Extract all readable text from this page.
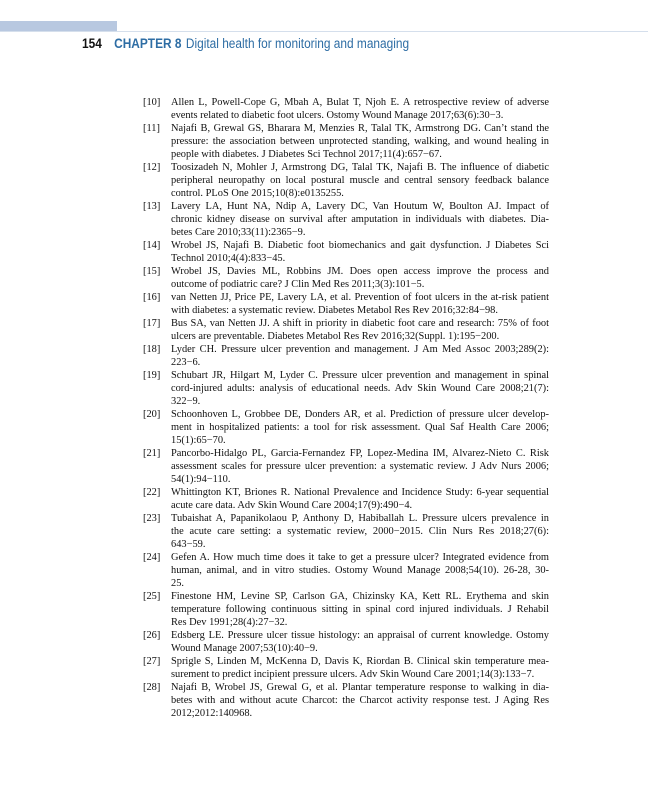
154 CHAPTER 8 Digital health for monitoring and managing
[10] Allen L, Powell-Cope G, Mbah A, Bulat T, Njoh E. A retrospective review of adverse
events related to diabetic foot ulcers. Ostomy Wound Manage 2017;63(6):30−3.
[11] Najafi B, Grewal GS, Bharara M, Menzies R, Talal TK, Armstrong DG. Can’t stand the
pressure: the association between unprotected standing, walking, and wound healing in
people with diabetes. J Diabetes Sci Technol 2017;11(4):657−67.
[12] Toosizadeh N, Mohler J, Armstrong DG, Talal TK, Najafi B. The influence of diabetic
peripheral neuropathy on local postural muscle and central sensory feedback balance
control. PLoS One 2015;10(8):e0135255.
[13] Lavery LA, Hunt NA, Ndip A, Lavery DC, Van Houtum W, Boulton AJ. Impact of
chronic kidney disease on survival after amputation in individuals with diabetes. Dia-
betes Care 2010;33(11):2365−9.
[14] Wrobel JS, Najafi B. Diabetic foot biomechanics and gait dysfunction. J Diabetes Sci
Technol 2010;4(4):833−45.
[15] Wrobel JS, Davies ML, Robbins JM. Does open access improve the process and
outcome of podiatric care? J Clin Med Res 2011;3(3):101−5.
[16] van Netten JJ, Price PE, Lavery LA, et al. Prevention of foot ulcers in the at-risk patient
with diabetes: a systematic review. Diabetes Metabol Res Rev 2016;32:84−98.
[17] Bus SA, van Netten JJ. A shift in priority in diabetic foot care and research: 75% of foot
ulcers are preventable. Diabetes Metabol Res Rev 2016;32(Suppl. 1):195−200.
[18] Lyder CH. Pressure ulcer prevention and management. J Am Med Assoc 2003;289(2):
223−6.
[19] Schubart JR, Hilgart M, Lyder C. Pressure ulcer prevention and management in spinal
cord-injured adults: analysis of educational needs. Adv Skin Wound Care 2008;21(7):
322−9.
[20] Schoonhoven L, Grobbee DE, Donders AR, et al. Prediction of pressure ulcer develop-
ment in hospitalized patients: a tool for risk assessment. Qual Saf Health Care 2006;
15(1):65−70.
[21] Pancorbo-Hidalgo PL, Garcia-Fernandez FP, Lopez-Medina IM, Alvarez-Nieto C. Risk
assessment scales for pressure ulcer prevention: a systematic review. J Adv Nurs 2006;
54(1):94−110.
[22] Whittington KT, Briones R. National Prevalence and Incidence Study: 6-year sequential
acute care data. Adv Skin Wound Care 2004;17(9):490−4.
[23] Tubaishat A, Papanikolaou P, Anthony D, Habiballah L. Pressure ulcers prevalence in
the acute care setting: a systematic review, 2000−2015. Clin Nurs Res 2018;27(6):
643−59.
[24] Gefen A. How much time does it take to get a pressure ulcer? Integrated evidence from
human, animal, and in vitro studies. Ostomy Wound Manage 2008;54(10). 26-28, 30-
25.
[25] Finestone HM, Levine SP, Carlson GA, Chizinsky KA, Kett RL. Erythema and skin
temperature following continuous sitting in spinal cord injured individuals. J Rehabil
Res Dev 1991;28(4):27−32.
[26] Edsberg LE. Pressure ulcer tissue histology: an appraisal of current knowledge. Ostomy
Wound Manage 2007;53(10):40−9.
[27] Sprigle S, Linden M, McKenna D, Davis K, Riordan B. Clinical skin temperature mea-
surement to predict incipient pressure ulcers. Adv Skin Wound Care 2001;14(3):133−7.
[28] Najafi B, Wrobel JS, Grewal G, et al. Plantar temperature response to walking in dia-
betes with and without acute Charcot: the Charcot activity response test. J Aging Res
2012;2012:140968.
